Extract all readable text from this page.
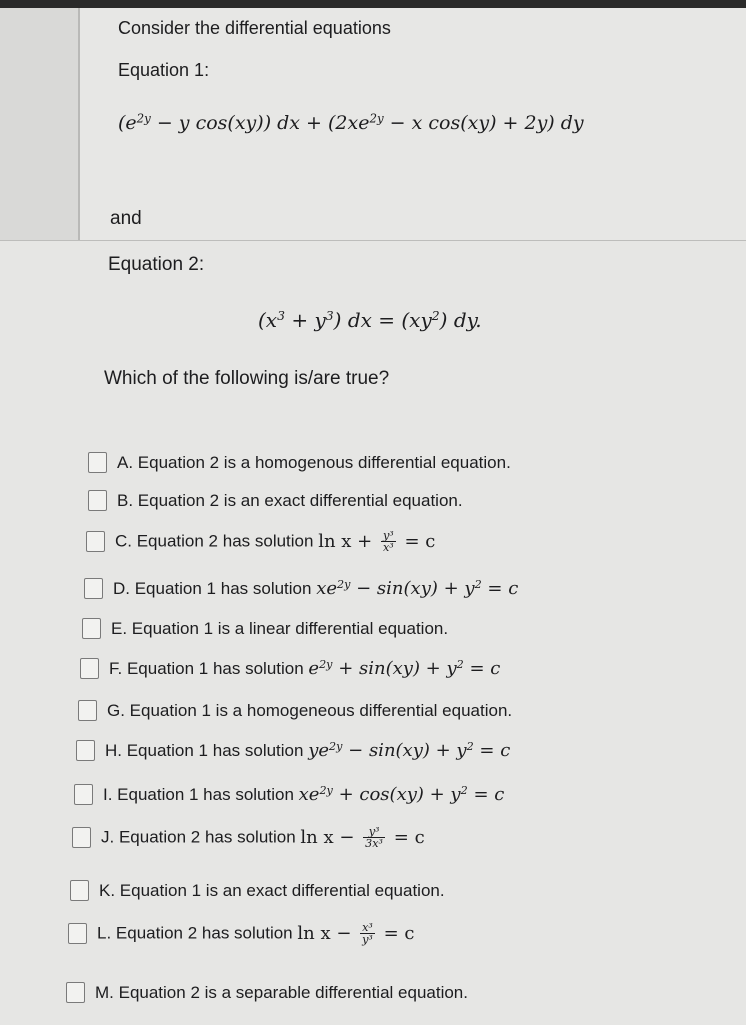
Consider the differential equations
Equation 1:
($e^{2y} - y$ cos(xy)) dx + ($2xe^{2y} - x$ cos(xy) + 2y) dy
and
Equation 2:
$(x^3 + y^3)$ dx = $(xy^2)$ dy.
Which of the following is/are true?
A. Equation 2 is a homogenous differential equation.
B. Equation 2 is an exact differential equation.
C. Equation 2 has solution $\ln x + \frac{\text{y³}}{\text{x³}} = c$
D. Equation 1 has solution $xe^{2y} - \sin(xy) + y^2 = c$
E. Equation 1 is a linear differential equation.
F. Equation 1 has solution $e^{2y} + \sin(xy) + y^2 = c$
G. Equation 1 is a homogeneous differential equation.
H. Equation 1 has solution $ye^{2y} - \sin(xy) + y^2 = c$
I. Equation 1 has solution $xe^{2y} + \cos(xy) + y^2 = c$
J. Equation 2 has solution $\ln x - \frac{\text{y³}}{\text{3x³}} = c$
K. Equation 1 is an exact differential equation.
L. Equation 2 has solution $\ln x - \frac{\text{x³}}{\text{y³}} = c$
M. Equation 2 is a separable differential equation.
